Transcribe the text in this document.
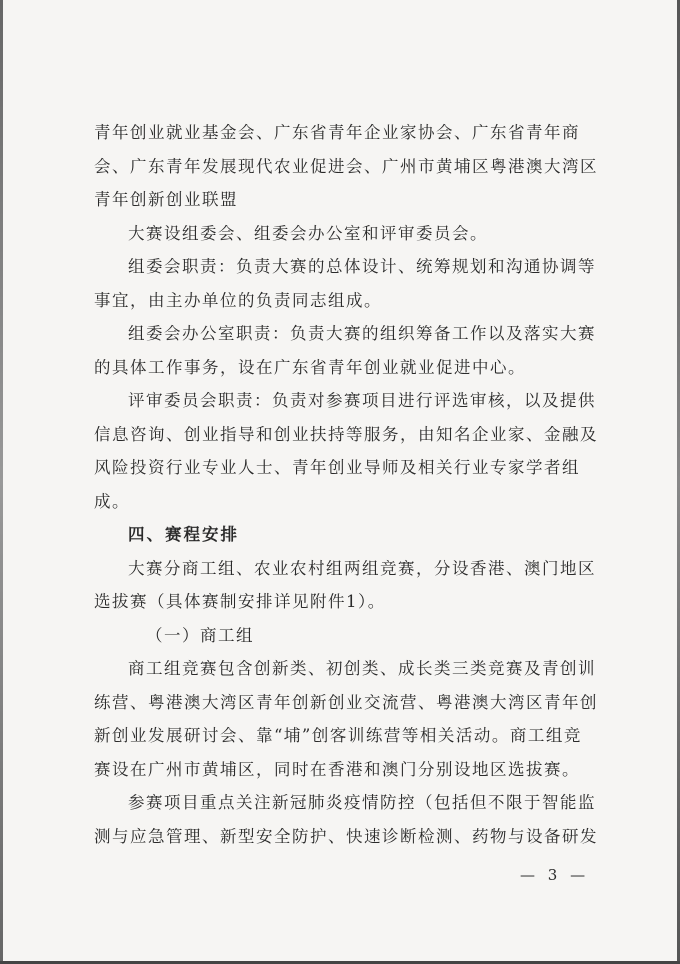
青年创业就业基金会、广东省青年企业家协会、广东省青年商
会、广东青年发展现代农业促进会、广州市黄埔区粤港澳大湾区
青年创新创业联盟
大赛设组委会、组委会办公室和评审委员会。
组委会职责：负责大赛的总体设计、统筹规划和沟通协调等
事宜，由主办单位的负责同志组成。
组委会办公室职责：负责大赛的组织筹备工作以及落实大赛
的具体工作事务，设在广东省青年创业就业促进中心。
评审委员会职责：负责对参赛项目进行评选审核，以及提供
信息咨询、创业指导和创业扶持等服务，由知名企业家、金融及
风险投资行业专业人士、青年创业导师及相关行业专家学者组
成。
四、赛程安排
大赛分商工组、农业农村组两组竞赛，分设香港、澳门地区
选拔赛（具体赛制安排详见附件1）。
（一）商工组
商工组竞赛包含创新类、初创类、成长类三类竞赛及青创训
练营、粤港澳大湾区青年创新创业交流营、粤港澳大湾区青年创
新创业发展研讨会、靠“埔”创客训练营等相关活动。商工组竞
赛设在广州市黄埔区，同时在香港和澳门分别设地区选拔赛。
参赛项目重点关注新冠肺炎疫情防控（包括但不限于智能监
测与应急管理、新型安全防护、快速诊断检测、药物与设备研发
— 3 —
